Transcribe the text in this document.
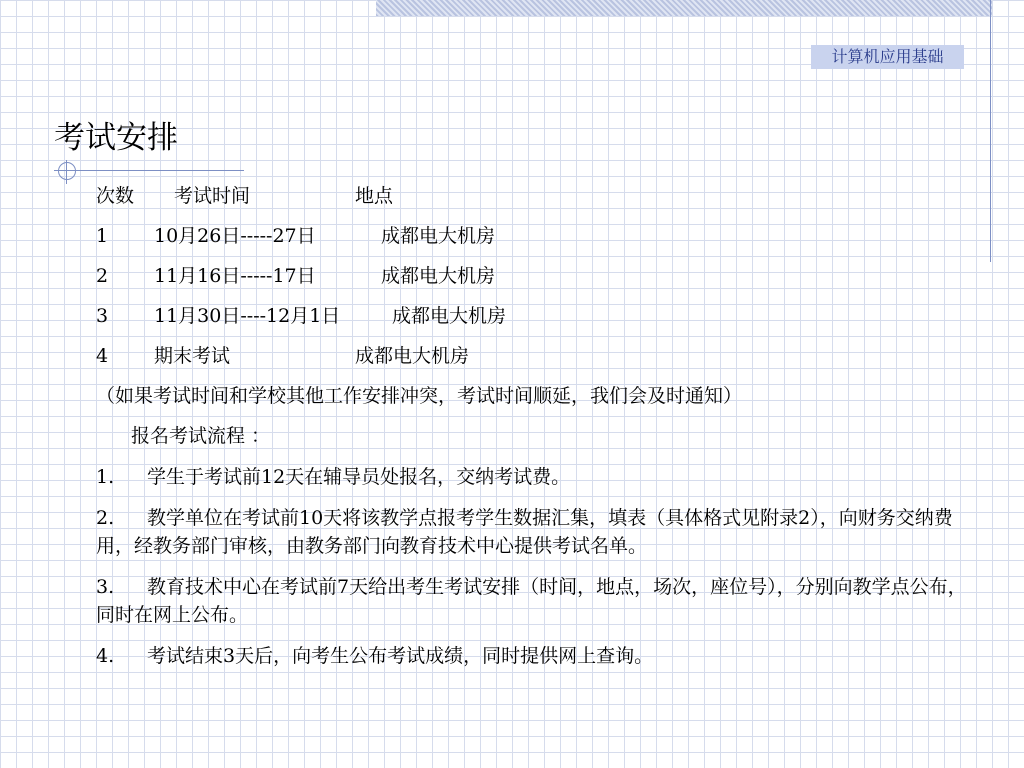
计算机应用基础
考试安排
次数 考试时间	地点
1 10月26日-----27日	成都电大机房
2 11月16日-----17日	成都电大机房
3 11月30日----12月1日	成都电大机房
4 期末考试	成都电大机房
（如果考试时间和学校其他工作安排冲突，考试时间顺延，我们会及时通知）
报名考试流程 ：
1.	学生于考试前12天在辅导员处报名，交纳考试费。
2.	教学单位在考试前10天将该教学点报考学生数据汇集，填表（具体格式见附录2），向财务交纳费用，经教务部门审核，由教务部门向教育技术中心提供考试名单。
3.	教育技术中心在考试前7天给出考生考试安排（时间，地点，场次，座位号），分别向教学点公布，同时在网上公布。
4.	考试结束3天后，向考生公布考试成绩，同时提供网上查询。
